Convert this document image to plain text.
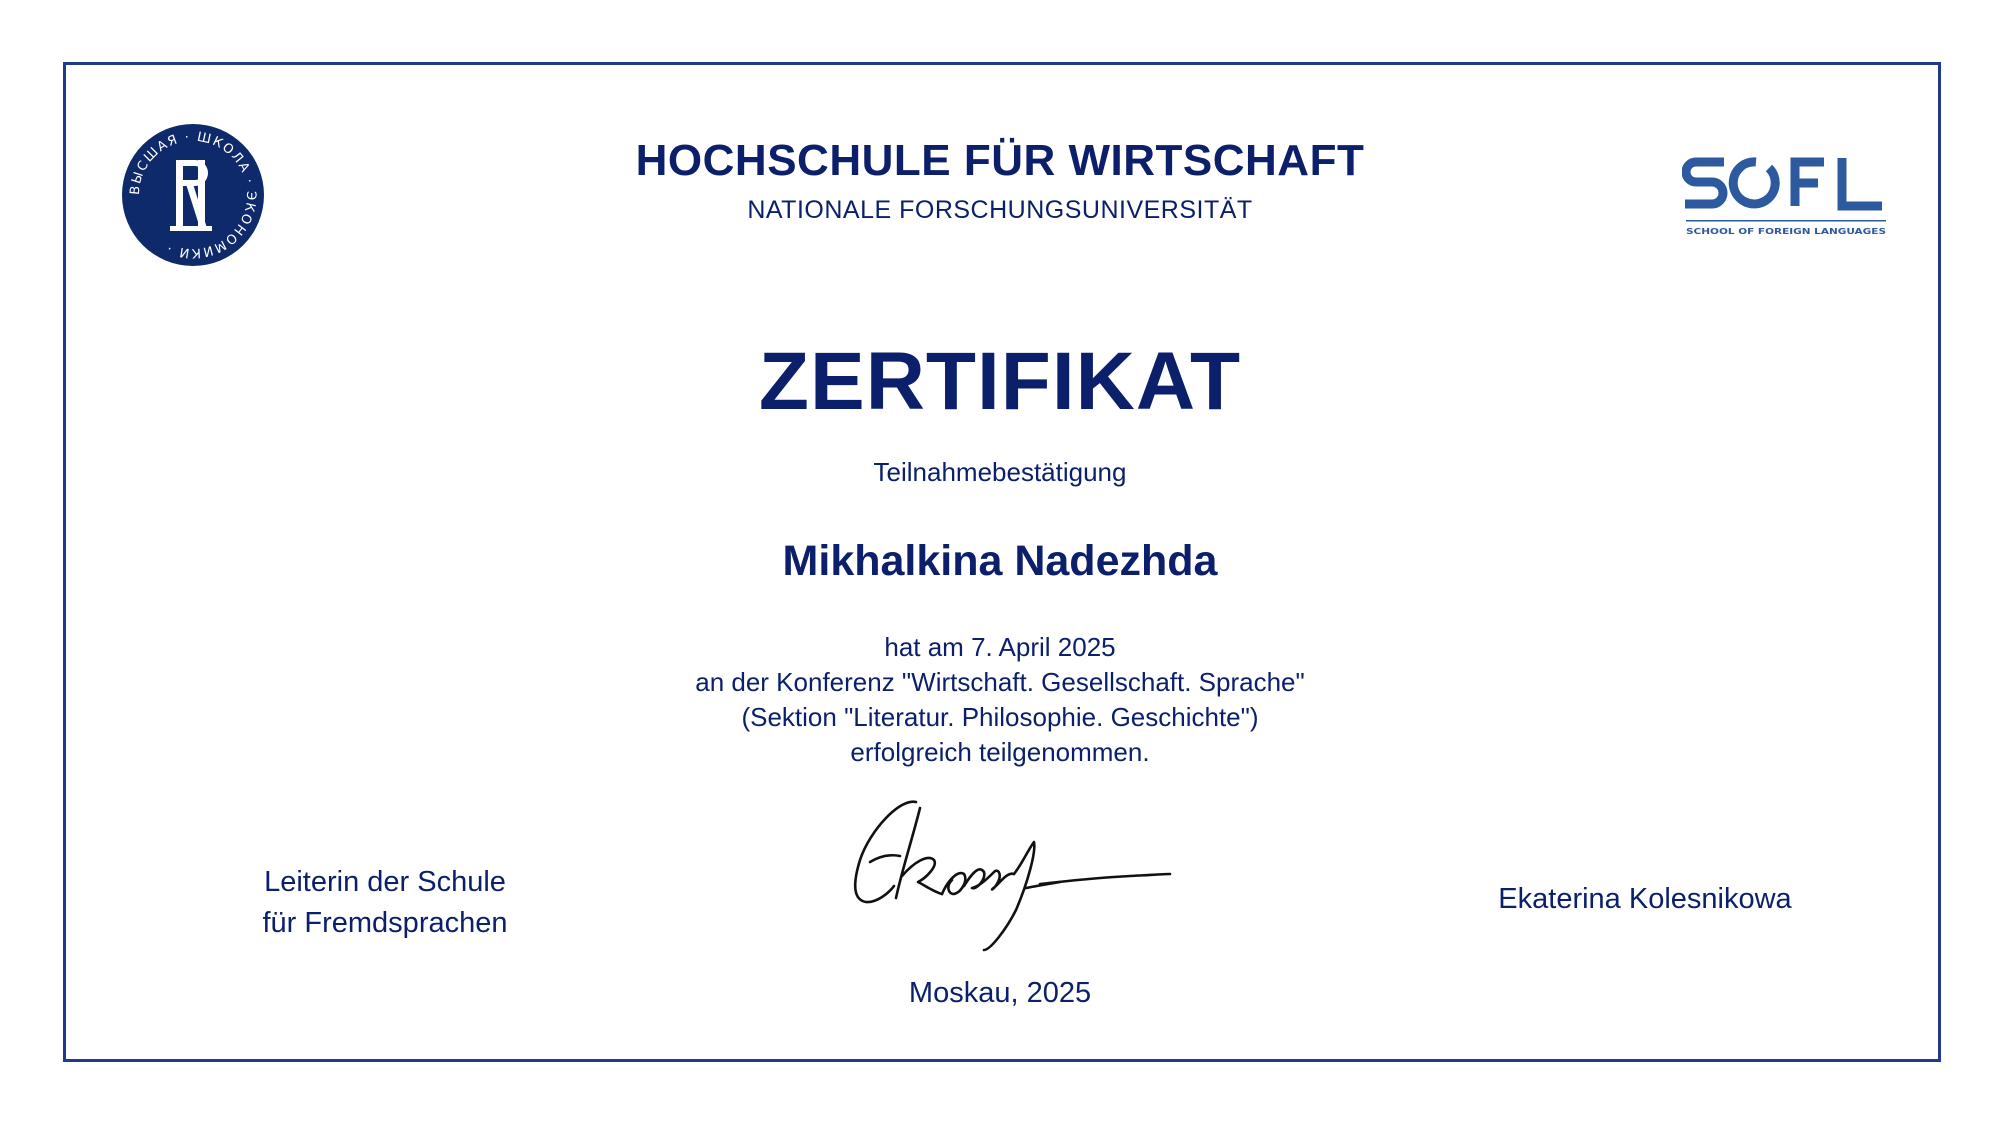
ВЫСШАЯ · ШКОЛА · ЭКОНОМИКИ ·
SCHOOL OF FOREIGN LANGUAGES
HOCHSCHULE FÜR WIRTSCHAFT
NATIONALE FORSCHUNGSUNIVERSITÄT
ZERTIFIKAT
Teilnahmebestätigung
Mikhalkina Nadezhda
hat am 7. April 2025
an der Konferenz "Wirtschaft. Gesellschaft. Sprache"
(Sektion "Literatur. Philosophie. Geschichte")
erfolgreich teilgenommen.
Leiterin der Schule
für Fremdsprachen
Ekaterina Kolesnikowa
Moskau, 2025
